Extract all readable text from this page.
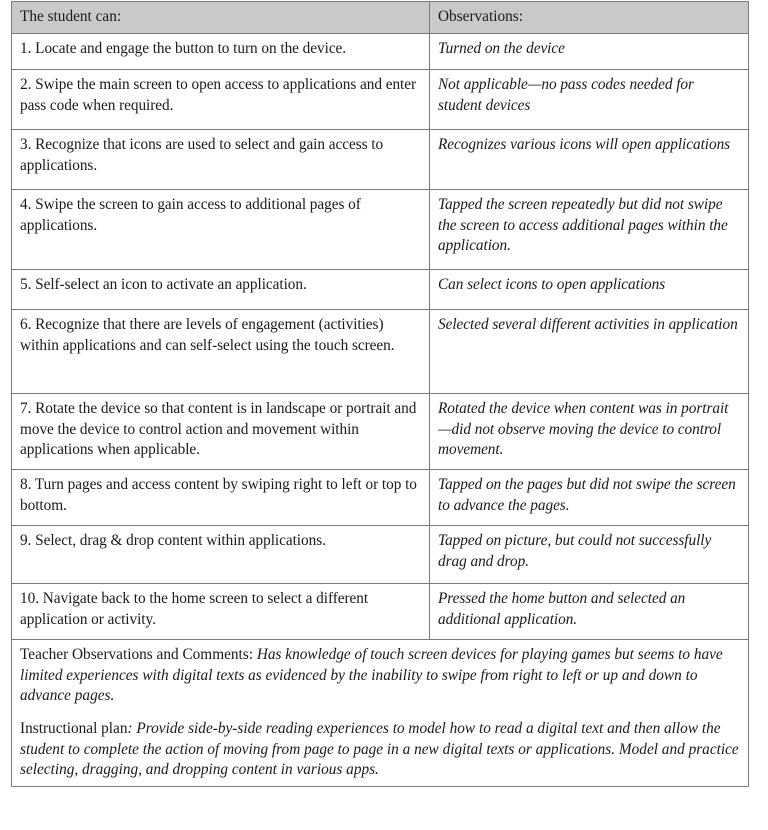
The student can:	Observations:
1. Locate and engage the button to turn on the device.	Turned on the device
2. Swipe the main screen to open access to applications and enter pass code when required.	Not applicable—no pass codes needed for student devices
3. Recognize that icons are used to select and gain access to applications.	Recognizes various icons will open applications
4. Swipe the screen to gain access to additional pages of applications.	Tapped the screen repeatedly but did not swipe the screen to access additional pages within the application.
5. Self-select an icon to activate an application.	Can select icons to open applications
6. Recognize that there are levels of engagement (activities) within applications and can self-select using the touch screen.	Selected several different activities in application
7. Rotate the device so that content is in landscape or portrait and move the device to control action and movement within applications when applicable.	Rotated the device when content was in portrait—did not observe moving the device to control movement.
8. Turn pages and access content by swiping right to left or top to bottom.	Tapped on the pages but did not swipe the screen to advance the pages.
9. Select, drag & drop content within applications.	Tapped on picture, but could not successfully drag and drop.
10. Navigate back to the home screen to select a different application or activity.	Pressed the home button and selected an additional application.

Teacher Observations and Comments: Has knowledge of touch screen devices for playing games but seems to have limited experiences with digital texts as evidenced by the inability to swipe from right to left or up and down to advance pages.

Instructional plan: Provide side-by-side reading experiences to model how to read a digital text and then allow the student to complete the action of moving from page to page in a new digital texts or applications. Model and practice selecting, dragging, and dropping content in various apps.	
